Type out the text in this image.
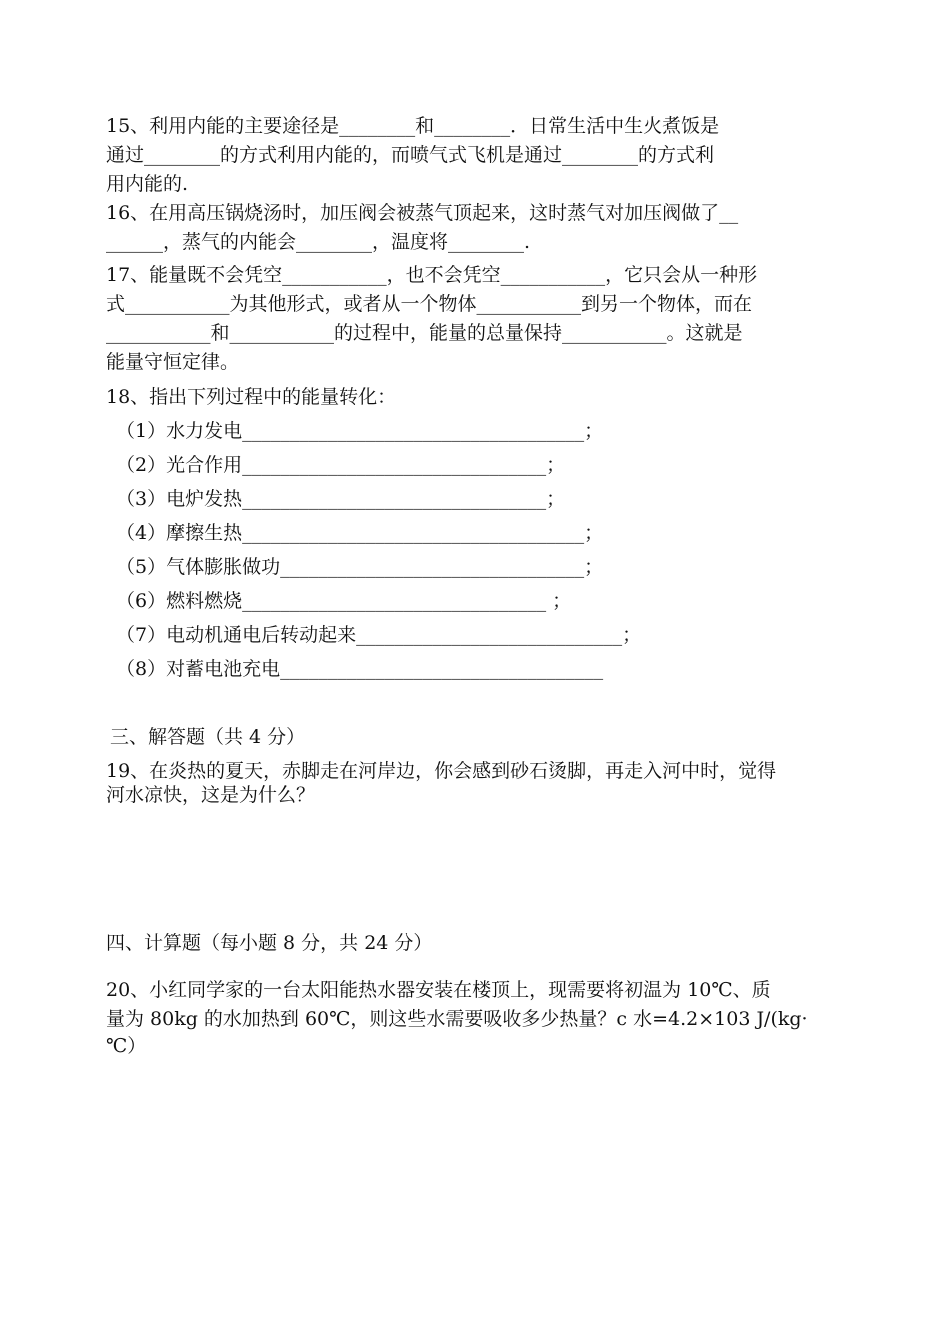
15、利用内能的主要途径是________和________．日常生活中生火煮饭是
通过________的方式利用内能的，而喷气式飞机是通过________的方式利
用内能的.
16、在用高压锅烧汤时，加压阀会被蒸气顶起来，这时蒸气对加压阀做了__
______，蒸气的内能会________，温度将________.
17、能量既不会凭空___________，也不会凭空___________，它只会从一种形
式___________为其他形式，或者从一个物体___________到另一个物体，而在
___________和___________的过程中，能量的总量保持___________。这就是
能量守恒定律。
18、指出下列过程中的能量转化：
（1）水力发电____________________________________；
（2）光合作用________________________________；
（3）电炉发热________________________________；
（4）摩擦生热____________________________________；
（5）气体膨胀做功________________________________；
（6）燃料燃烧________________________________ ；
（7）电动机通电后转动起来____________________________；
（8）对蓄电池充电__________________________________
三、解答题（共 4 分）
19、在炎热的夏天，赤脚走在河岸边，你会感到砂石烫脚，再走入河中时，觉得
河水凉快，这是为什么？
四、计算题（每小题 8 分，共 24 分）
20、小红同学家的一台太阳能热水器安装在楼顶上，现需要将初温为 10℃、质
量为 80kg 的水加热到 60℃，则这些水需要吸收多少热量？c 水=4.2×103 J/(kg·
℃）
